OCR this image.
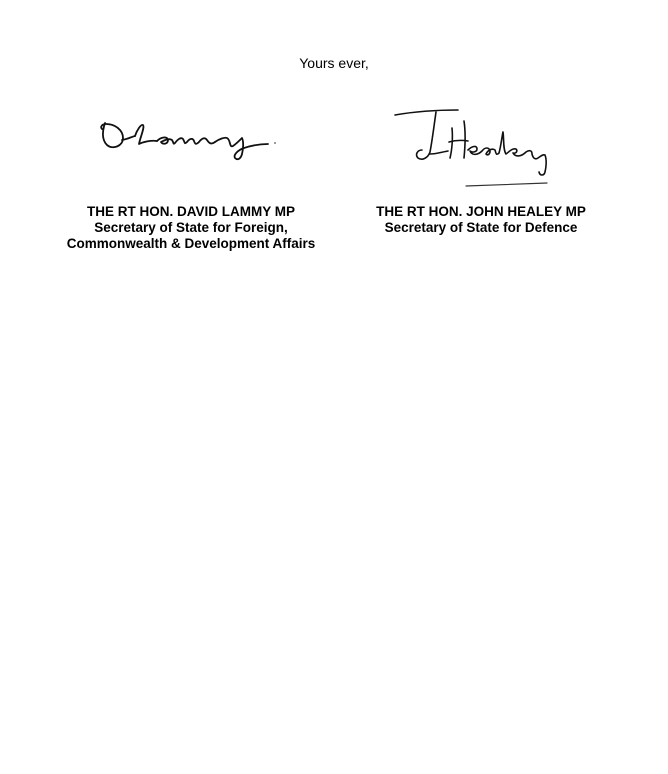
Yours ever,
THE RT HON. DAVID LAMMY MP
Secretary of State for Foreign,
Commonwealth & Development Affairs
THE RT HON. JOHN HEALEY MP
Secretary of State for Defence
